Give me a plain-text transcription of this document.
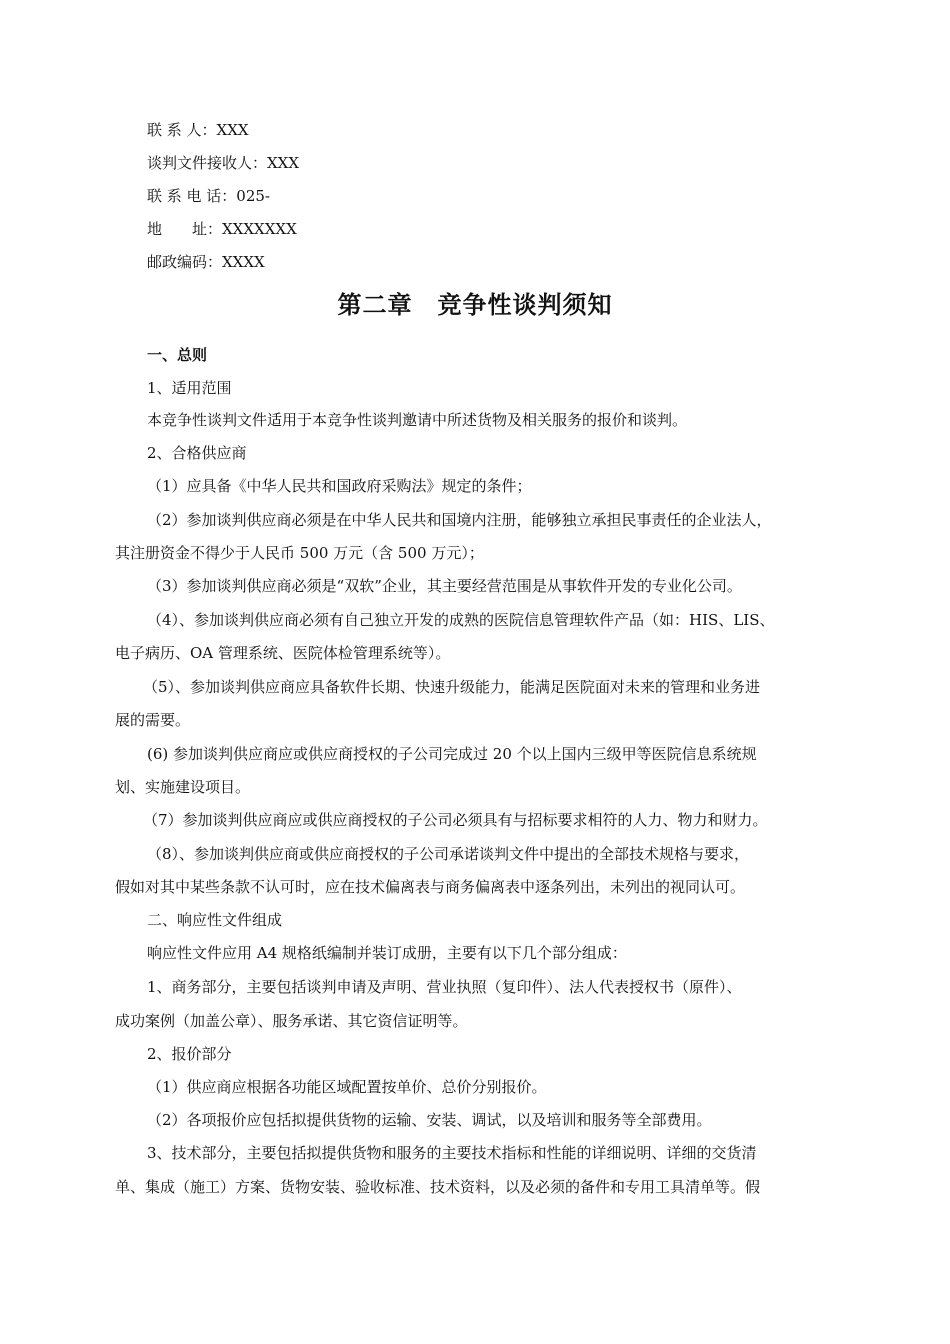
联 系 人：XXX
谈判文件接收人：XXX
联 系 电 话：025-
地　　址：XXXXXXX
邮政编码：XXXX
第二章　竞争性谈判须知
一、总则
1、适用范围
本竞争性谈判文件适用于本竞争性谈判邀请中所述货物及相关服务的报价和谈判。
2、合格供应商
（1）应具备《中华人民共和国政府采购法》规定的条件；
（2）参加谈判供应商必须是在中华人民共和国境内注册，能够独立承担民事责任的企业法人，
其注册资金不得少于人民币 500 万元（含 500 万元）；
（3）参加谈判供应商必须是“双软”企业，其主要经营范围是从事软件开发的专业化公司。
（4）、参加谈判供应商必须有自己独立开发的成熟的医院信息管理软件产品（如：HIS、LIS、
电子病历、OA 管理系统、医院体检管理系统等）。
（5）、参加谈判供应商应具备软件长期、快速升级能力，能满足医院面对未来的管理和业务进
展的需要。
(6) 参加谈判供应商应或供应商授权的子公司完成过 20 个以上国内三级甲等医院信息系统规
划、实施建设项目。
（7）参加谈判供应商应或供应商授权的子公司必须具有与招标要求相符的人力、物力和财力。
（8）、参加谈判供应商或供应商授权的子公司承诺谈判文件中提出的全部技术规格与要求，
假如对其中某些条款不认可时，应在技术偏离表与商务偏离表中逐条列出，未列出的视同认可。
二、响应性文件组成
响应性文件应用 A4 规格纸编制并装订成册，主要有以下几个部分组成：
1、商务部分，主要包括谈判申请及声明、营业执照（复印件）、法人代表授权书（原件）、
成功案例（加盖公章）、服务承诺、其它资信证明等。
2、报价部分
（1）供应商应根据各功能区域配置按单价、总价分别报价。
（2）各项报价应包括拟提供货物的运输、安装、调试，以及培训和服务等全部费用。
3、技术部分，主要包括拟提供货物和服务的主要技术指标和性能的详细说明、详细的交货清
单、集成（施工）方案、货物安装、验收标准、技术资料，以及必须的备件和专用工具清单等。假
